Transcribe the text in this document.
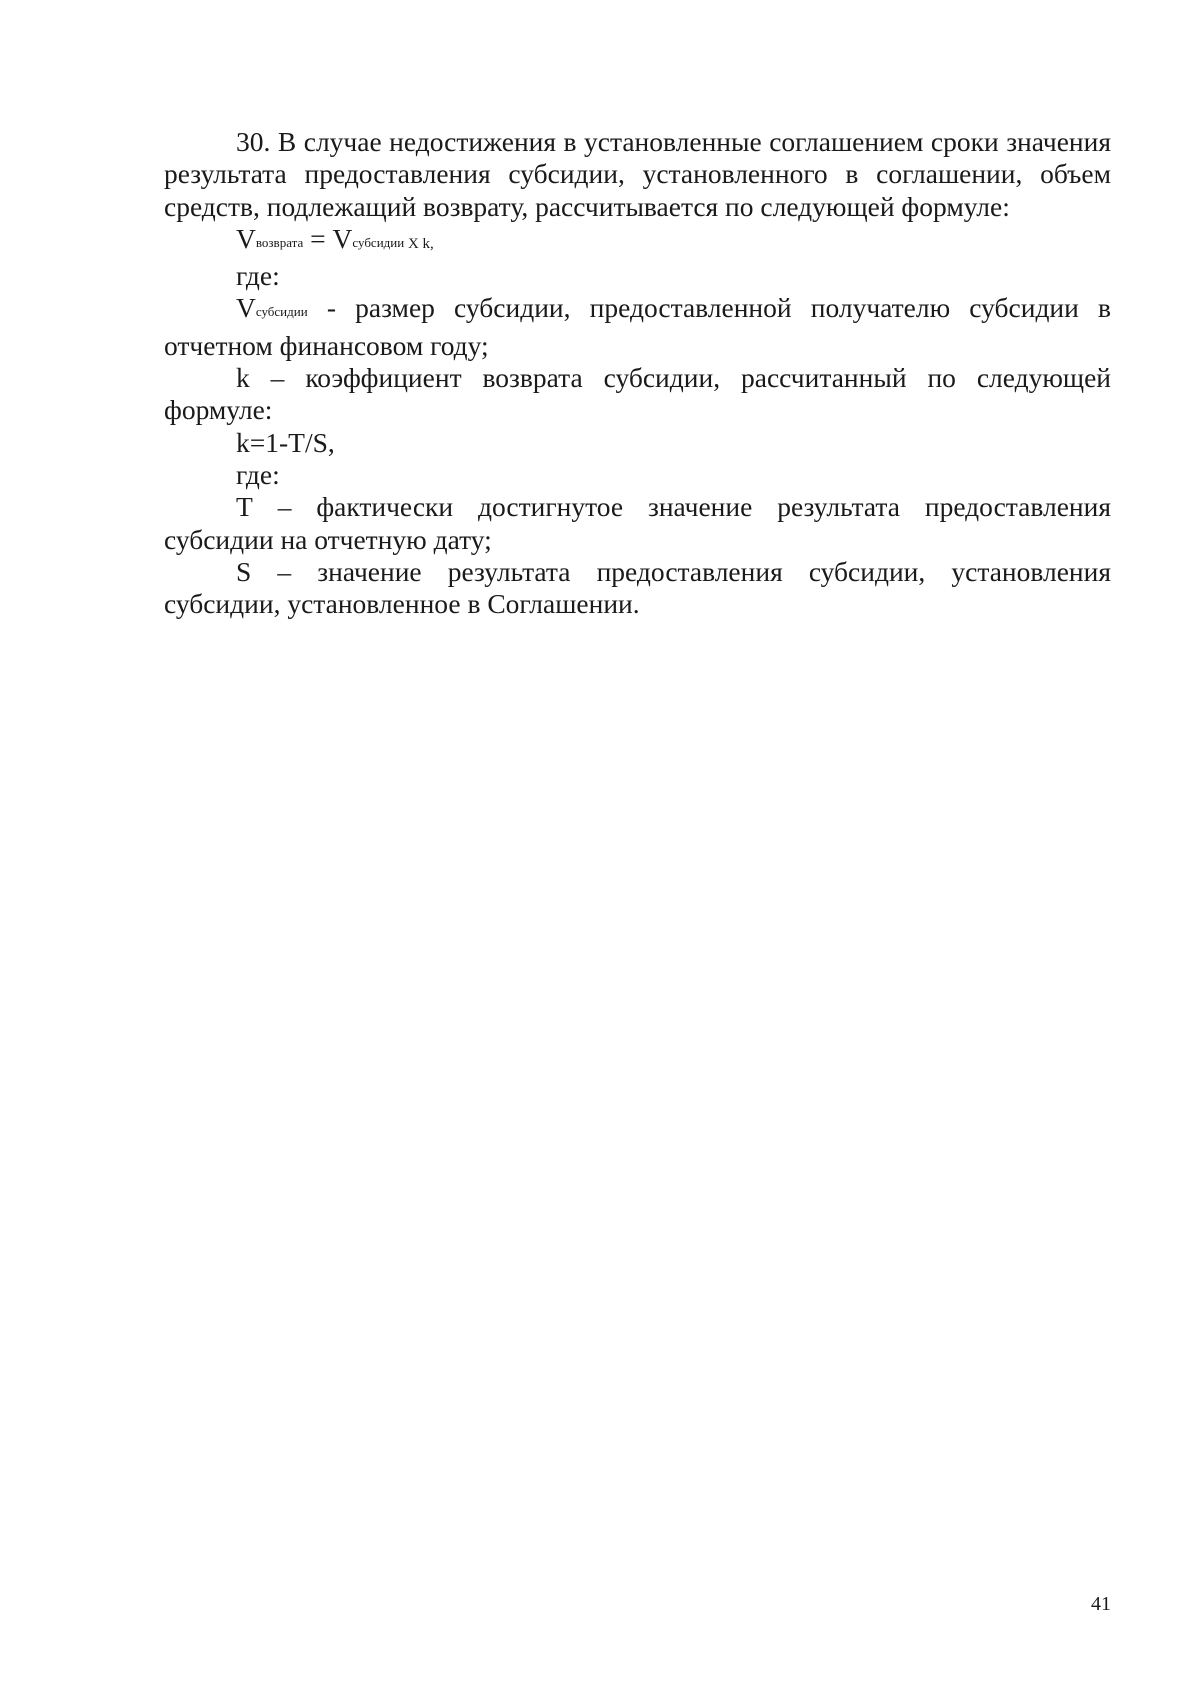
30. В случае недостижения в установленные соглашением сроки значения результата предоставления субсидии, установленного в соглашении, объем средств, подлежащий возврату, рассчитывается по следующей формуле:

Vвозврата = Vсубсидии Х k,

где:

Vсубсидии - размер субсидии, предоставленной получателю субсидии в отчетном финансовом году;

k – коэффициент возврата субсидии, рассчитанный по следующей формуле:

k=1-T/S,

где:

Т – фактически достигнутое значение результата предоставления субсидии на отчетную дату;

S – значение результата предоставления субсидии, установления субсидии, установленное в Соглашении.

41
